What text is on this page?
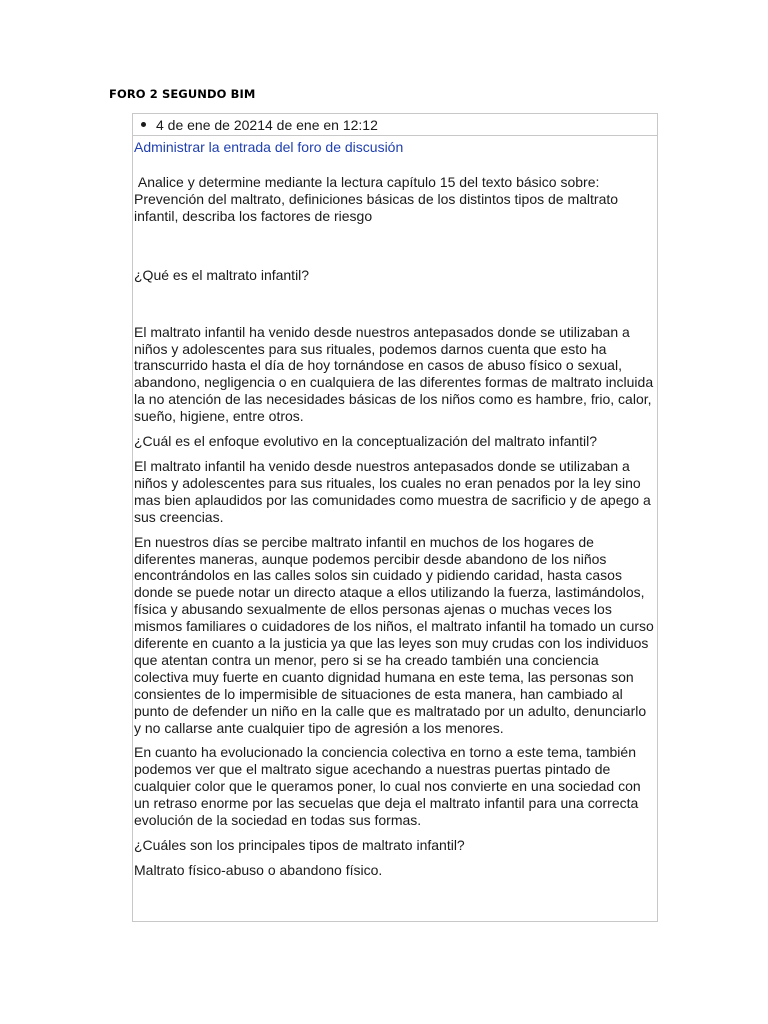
FORO 2 SEGUNDO BIM
4 de ene de 20214 de ene en 12:12
Administrar la entrada del foro de discusión

Analice y determine mediante la lectura capítulo 15 del texto básico sobre: Prevención del maltrato, definiciones básicas de los distintos tipos de maltrato infantil, describa los factores de riesgo

¿Qué es el maltrato infantil?

El maltrato infantil ha venido desde nuestros antepasados donde se utilizaban a niños y adolescentes para sus rituales, podemos darnos cuenta que esto ha transcurrido hasta el día de hoy tornándose en casos de abuso físico o sexual, abandono, negligencia o en cualquiera de las diferentes formas de maltrato incluida la no atención de las necesidades básicas de los niños como es hambre, frio, calor, sueño, higiene, entre otros.

¿Cuál es el enfoque evolutivo en la conceptualización del maltrato infantil?

El maltrato infantil ha venido desde nuestros antepasados donde se utilizaban a niños y adolescentes para sus rituales, los cuales no eran penados por la ley sino mas bien aplaudidos por las comunidades como muestra de sacrificio y de apego a sus creencias.

En nuestros días se percibe maltrato infantil en muchos de los hogares de diferentes maneras, aunque podemos percibir desde abandono de los niños encontrándolos en las calles solos sin cuidado y pidiendo caridad, hasta casos donde se puede notar un directo ataque a ellos utilizando la fuerza, lastimándolos, física y abusando sexualmente de ellos personas ajenas o muchas veces los mismos familiares o cuidadores de los niños, el maltrato infantil ha tomado un curso diferente en cuanto a la justicia ya que las leyes son muy crudas con los individuos que atentan contra un menor, pero si se ha creado también una conciencia colectiva muy fuerte en cuanto dignidad humana en este tema, las personas son consientes de lo impermisible de situaciones de esta manera, han cambiado al punto de defender un niño en la calle que es maltratado por un adulto, denunciarlo y no callarse ante cualquier tipo de agresión a los menores.

En cuanto ha evolucionado la conciencia colectiva en torno a este tema, también podemos ver que el maltrato sigue acechando a nuestras puertas pintado de cualquier color que le queramos poner, lo cual nos convierte en una sociedad con un retraso enorme por las secuelas que deja el maltrato infantil para una correcta evolución de la sociedad en todas sus formas.

¿Cuáles son los principales tipos de maltrato infantil?

Maltrato físico-abuso o abandono físico.
